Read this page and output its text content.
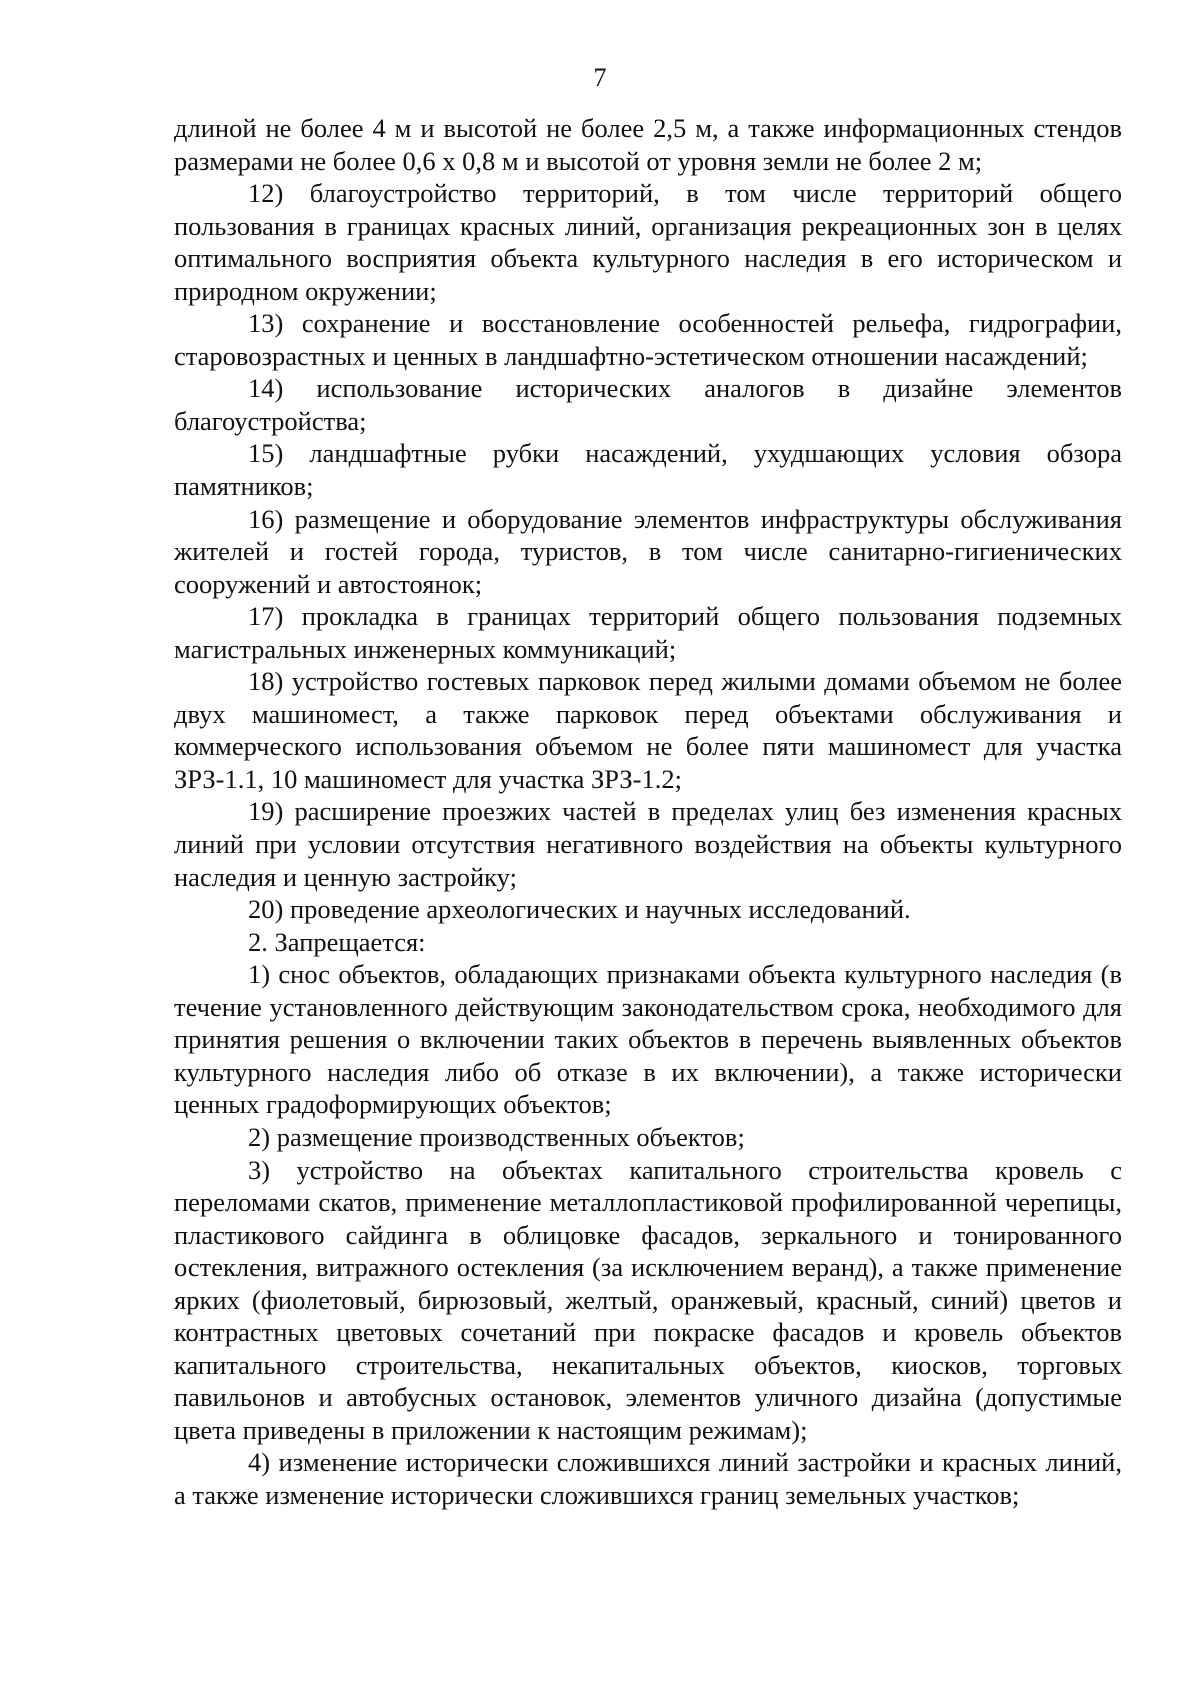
7

длиной не более 4 м и высотой не более 2,5 м, а также информационных стендов размерами не более 0,6 х 0,8 м и высотой от уровня земли не более 2 м;

12) благоустройство территорий, в том числе территорий общего пользования в границах красных линий, организация рекреационных зон в целях оптимального восприятия объекта культурного наследия в его историческом и природном окружении;

13) сохранение и восстановление особенностей рельефа, гидрографии, старовозрастных и ценных в ландшафтно-эстетическом отношении насаждений;

14) использование исторических аналогов в дизайне элементов благоустройства;

15) ландшафтные рубки насаждений, ухудшающих условия обзора памятников;

16) размещение и оборудование элементов инфраструктуры обслуживания жителей и гостей города, туристов, в том числе санитарно-гигиенических сооружений и автостоянок;

17) прокладка в границах территорий общего пользования подземных магистральных инженерных коммуникаций;

18) устройство гостевых парковок перед жилыми домами объемом не более двух машиномест, а также парковок перед объектами обслуживания и коммерческого использования объемом не более пяти машиномест для участка ЗРЗ-1.1, 10 машиномест для участка ЗРЗ-1.2;

19) расширение проезжих частей в пределах улиц без изменения красных линий при условии отсутствия негативного воздействия на объекты культурного наследия и ценную застройку;

20) проведение археологических и научных исследований.

2. Запрещается:

1) снос объектов, обладающих признаками объекта культурного наследия (в течение установленного действующим законодательством срока, необходимого для принятия решения о включении таких объектов в перечень выявленных объектов культурного наследия либо об отказе в их включении), а также исторически ценных градоформирующих объектов;

2) размещение производственных объектов;

3) устройство на объектах капитального строительства кровель с переломами скатов, применение металлопластиковой профилированной черепицы, пластикового сайдинга в облицовке фасадов, зеркального и тонированного остекления, витражного остекления (за исключением веранд), а также применение ярких (фиолетовый, бирюзовый, желтый, оранжевый, красный, синий) цветов и контрастных цветовых сочетаний при покраске фасадов и кровель объектов капитального строительства, некапитальных объектов, киосков, торговых павильонов и автобусных остановок, элементов уличного дизайна (допустимые цвета приведены в приложении к настоящим режимам);

4) изменение исторически сложившихся линий застройки и красных линий, а также изменение исторически сложившихся границ земельных участков;
